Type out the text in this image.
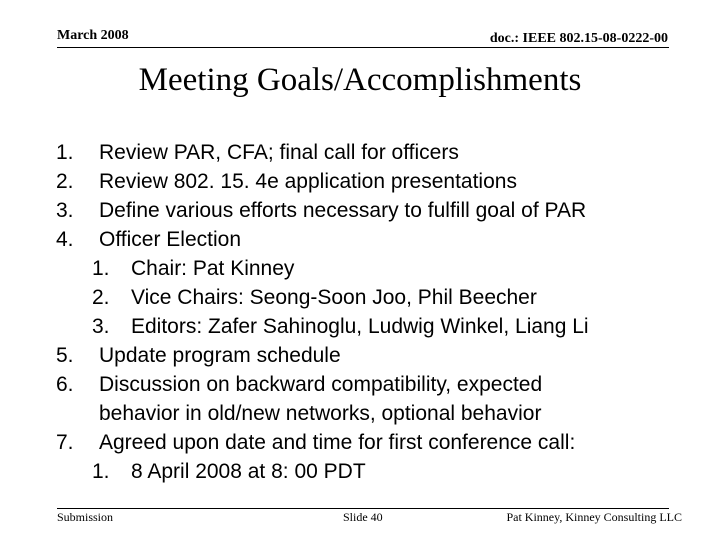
March 2008	doc.: IEEE 802.15-08-0222-00
Meeting Goals/Accomplishments
1. Review PAR, CFA; final call for officers
2. Review 802. 15. 4e application presentations
3. Define various efforts necessary to fulfill goal of PAR
4. Officer Election
1. Chair: Pat Kinney
2. Vice Chairs: Seong-Soon Joo, Phil Beecher
3. Editors: Zafer Sahinoglu, Ludwig Winkel, Liang Li
5. Update program schedule
6. Discussion on backward compatibility, expected
behavior in old/new networks, optional behavior
7. Agreed upon date and time for first conference call:
1. 8 April 2008 at 8: 00 PDT
Submission	Slide 40	Pat Kinney, Kinney Consulting LLC
